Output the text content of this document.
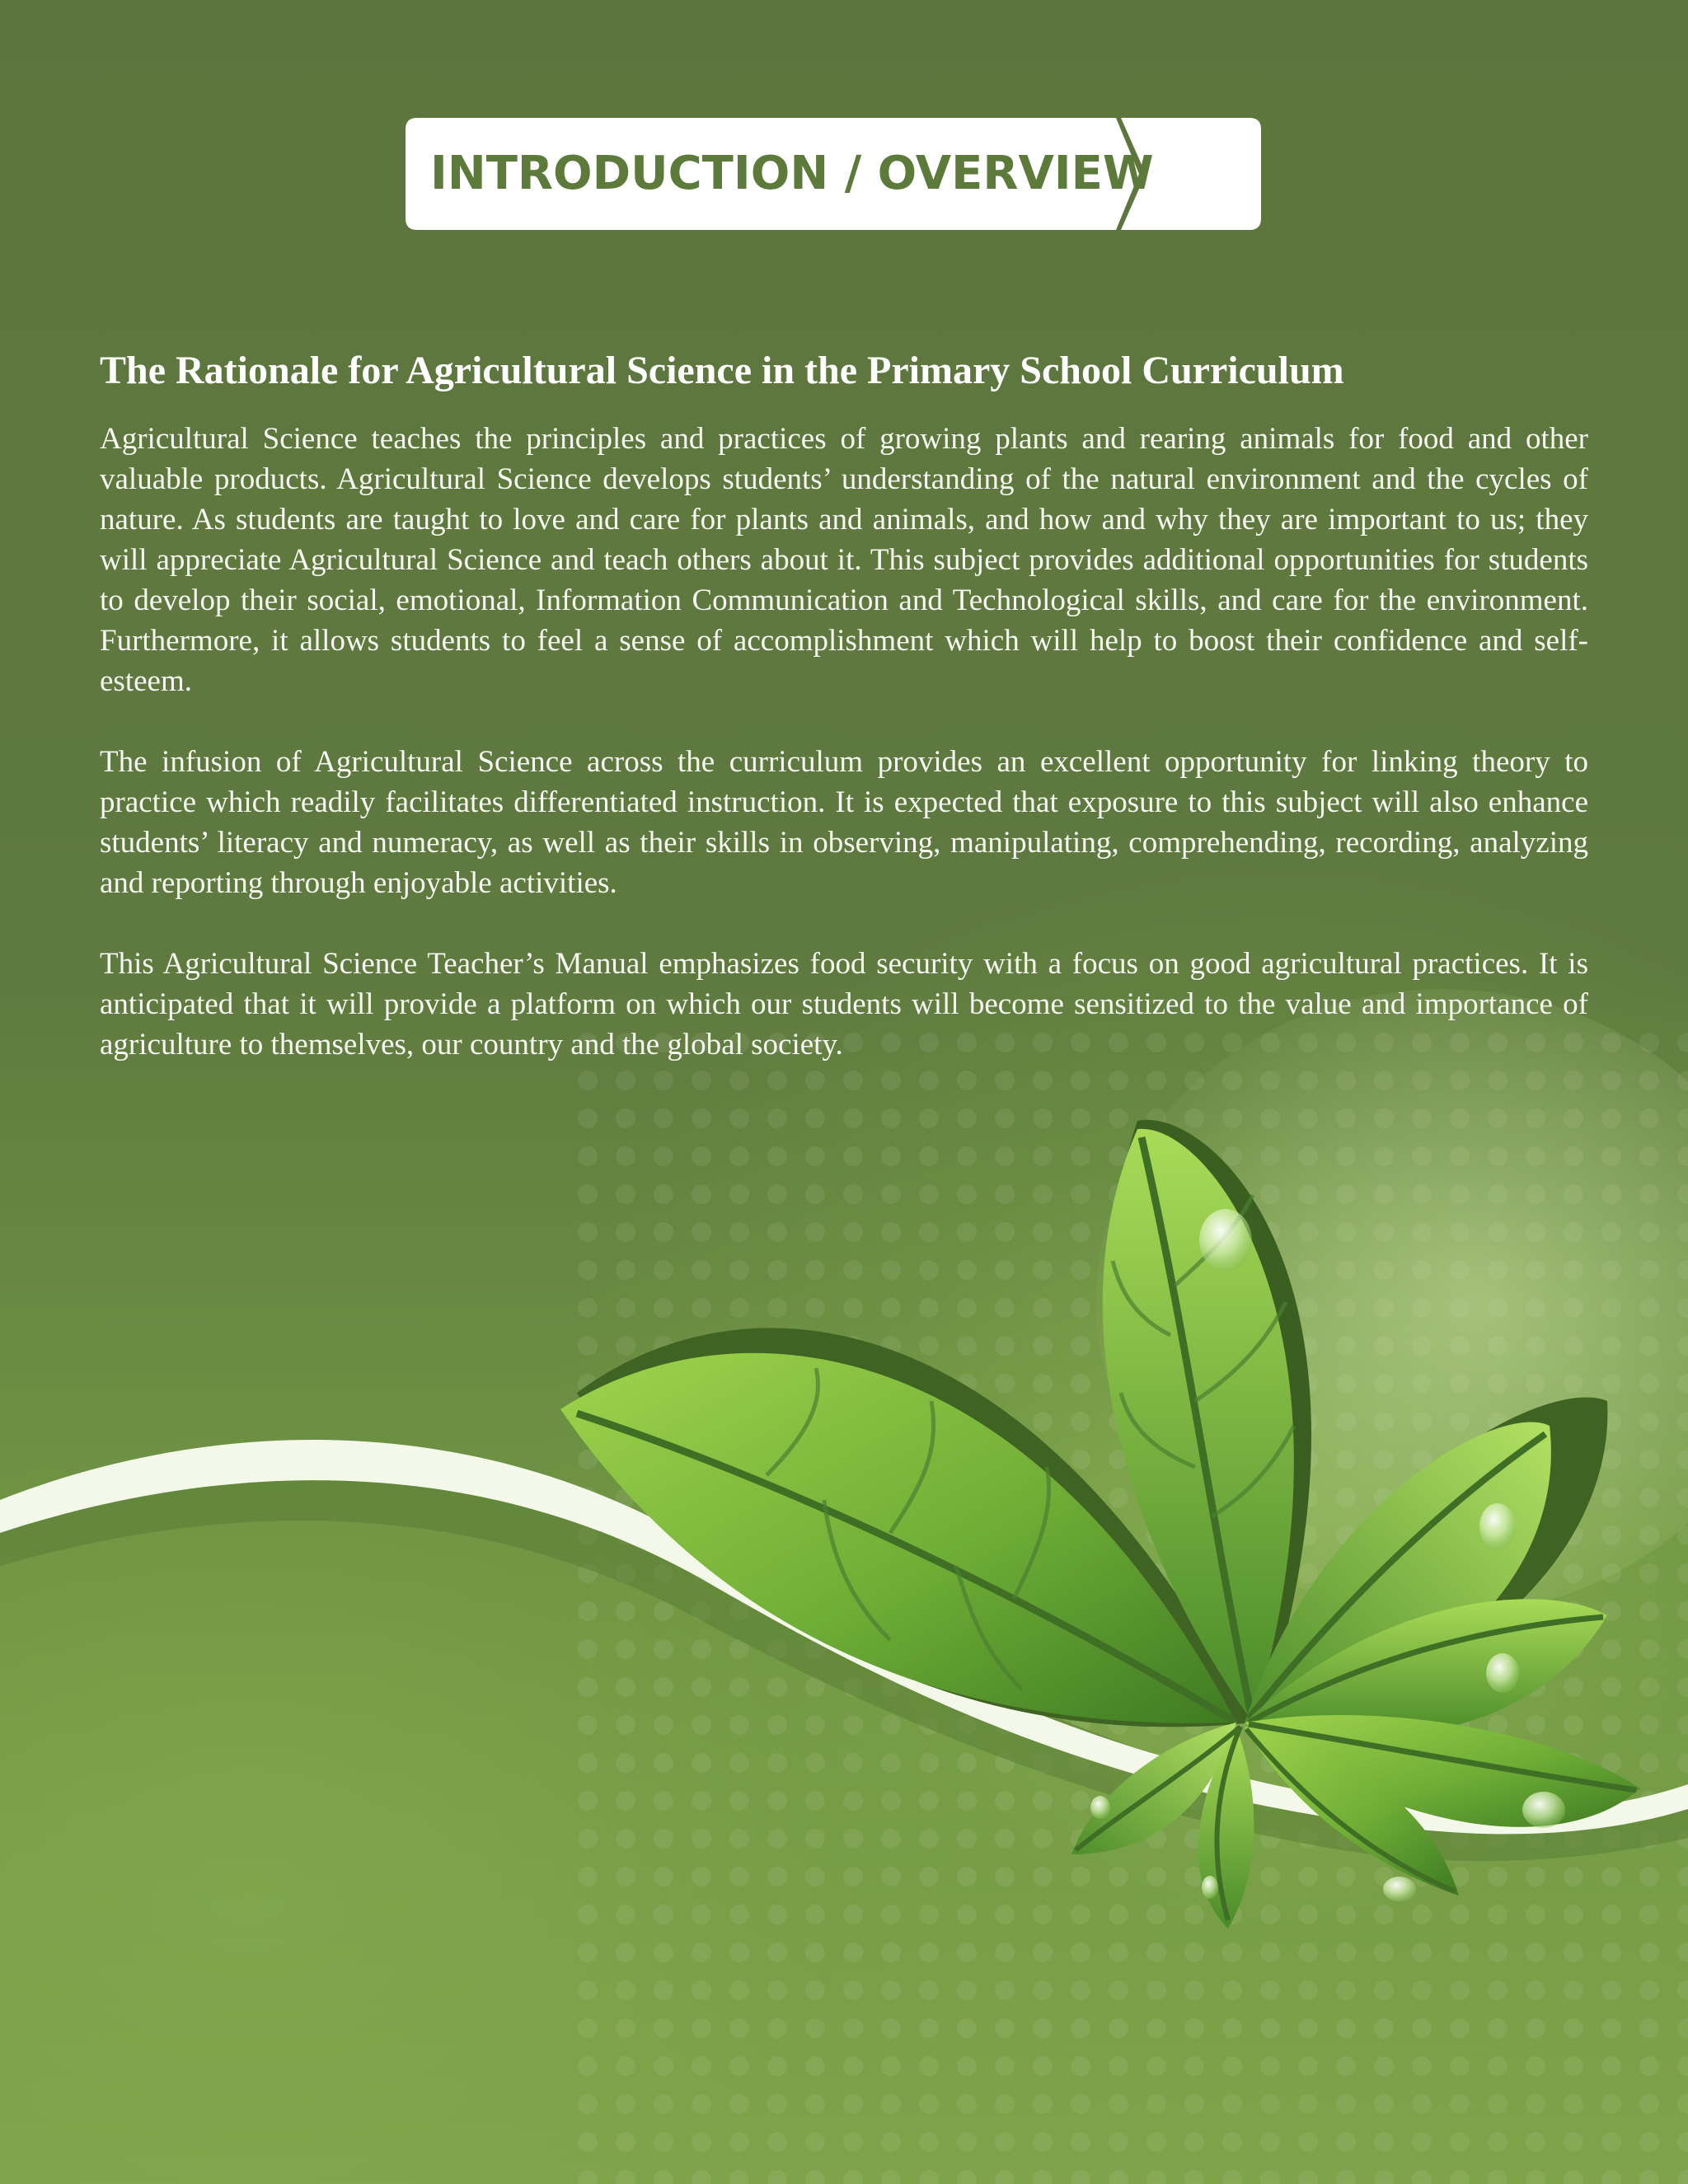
INTRODUCTION / OVERVIEW
The Rationale for Agricultural Science in the Primary School Curriculum

Agricultural Science teaches the principles and practices of growing plants and rearing animals for food and other valuable products. Agricultural Science develops students’ understanding of the natural environment and the cycles of nature. As students are taught to love and care for plants and animals, and how and why they are important to us; they will appreciate Agricultural Science and teach others about it. This subject provides additional opportunities for students to develop their social, emotional, Information Communication and Technological skills, and care for the environment. Furthermore, it allows students to feel a sense of accomplishment which will help to boost their confidence and self-esteem.

The infusion of Agricultural Science across the curriculum provides an excellent opportunity for linking theory to practice which readily facilitates differentiated instruction. It is expected that exposure to this subject will also enhance students’ literacy and numeracy, as well as their skills in observing, manipulating, comprehending, recording, analyzing and reporting through enjoyable activities.

This Agricultural Science Teacher’s Manual emphasizes food security with a focus on good agricultural practices. It is anticipated that it will provide a platform on which our students will become sensitized to the value and importance of agriculture to themselves, our country and the global society.
